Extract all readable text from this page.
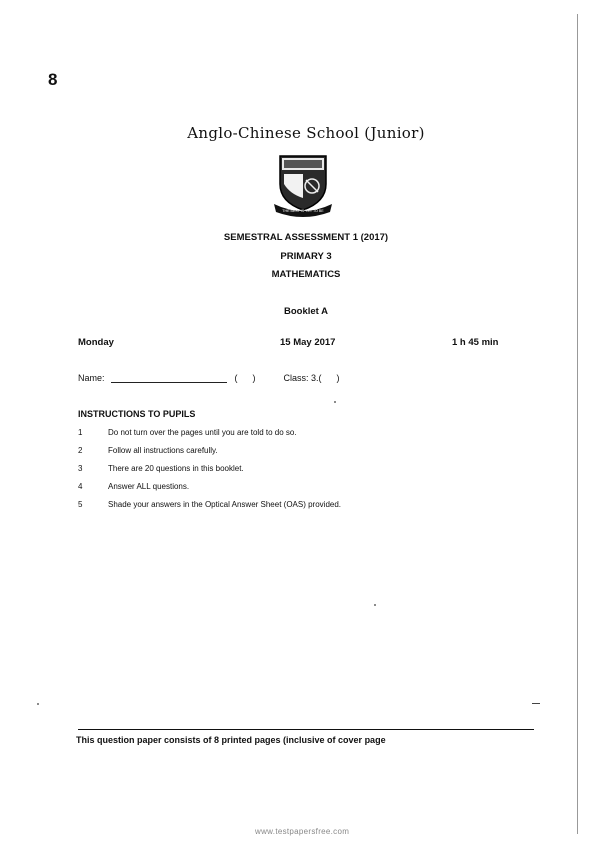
8
Anglo-Chinese School (Junior)
THE BEST IS YET TO BE
SEMESTRAL ASSESSMENT 1 (2017)
PRIMARY 3
MATHEMATICS
Booklet A
Monday	15 May 2017	1 h 45 min
Name:	(      )	Class: 3.(      )
INSTRUCTIONS TO PUPILS
1	Do not turn over the pages until you are told to do so.
2	Follow all instructions carefully.
3	There are 20 questions in this booklet.
4	Answer ALL questions.
5	Shade your answers in the Optical Answer Sheet (OAS) provided.
This question paper consists of 8 printed pages (inclusive of cover page
www.testpapersfree.com
